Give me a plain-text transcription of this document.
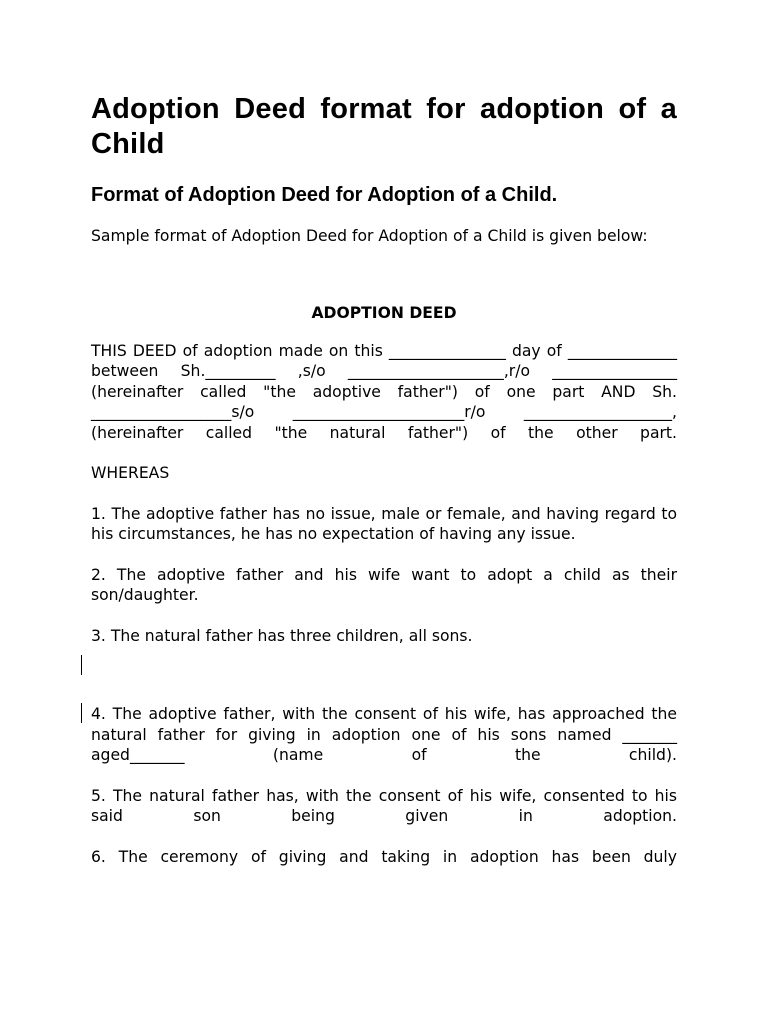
Adoption Deed format for adoption of a Child
Format of Adoption Deed for Adoption of a Child.

Sample format of Adoption Deed for Adoption of a Child is given below:

ADOPTION DEED

THIS DEED of adoption made on this _______________ day of ______________ between Sh._________ ,s/o ____________________,r/o ________________ (hereinafter called "the adoptive father") of one part AND Sh. __________________s/o ______________________r/o ___________________, (hereinafter called "the natural father") of the other part.

WHEREAS

1. The adoptive father has no issue, male or female, and having regard to his circumstances, he has no expectation of having any issue.

2. The adoptive father and his wife want to adopt a child as their son/daughter.

3. The natural father has three children, all sons.

4. The adoptive father, with the consent of his wife, has approached the natural father for giving in adoption one of his sons named _______ aged_______ (name of the child).

5. The natural father has, with the consent of his wife, consented to his said son being given in adoption.

6. The ceremony of giving and taking in adoption has been duly
